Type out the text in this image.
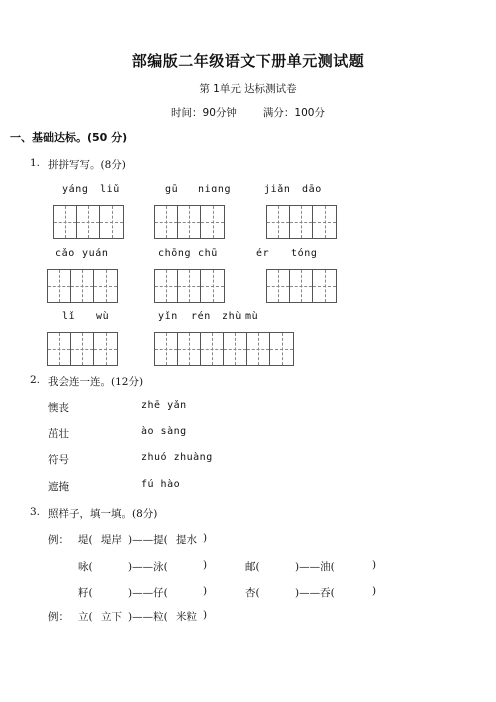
部编版二年级语文下册单元测试题
第 1单元 达标测试卷
时间：90分钟 满分：100分
一、基础达标。(50 分)
1. 拼拼写写。(8分)
yáng liǔ	gū niɑng	jiǎn dāo
cǎo yuán	chōng chū	ér tóng
lǐ wù	yǐn rén zhù mù
2. 我会连一连。(12分)
懊丧	zhē yǎn
茁壮	ào sàng
符号	zhuó zhuàng
遮掩	fú hào
3. 照样子，填一填。(8分)
例： 堤( 堤岸 )——提( 提水 )
咏(	)——泳(	)	邮(	)——油(	)
籽(	)——仔(	)	杏(	)——吞(	)
例： 立( 立下 )——粒( 米粒 )
